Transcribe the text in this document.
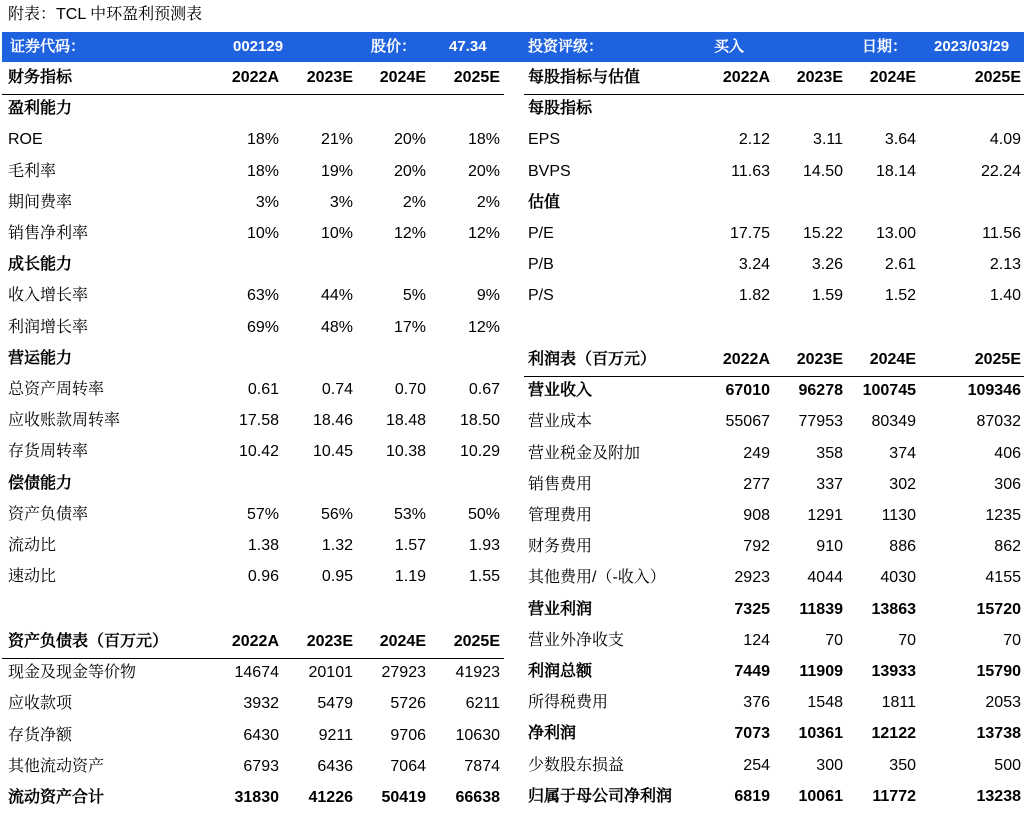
附表：TCL 中环盈利预测表
证券代码：	002129	股价： 47.34	投资评级：	买入	日期： 2023/03/29
财务指标	2022A 2023E 2024E 2025E
盈利能力
ROE	18%	21%	20%	18%
毛利率	18%	19%	20%	20%
期间费率	3%	3%	2%	2%
销售净利率	10%	10%	12%	12%
成长能力
收入增长率	63%	44%	5%	9%
利润增长率	69%	48%	17%	12%
营运能力
总资产周转率	0.61	0.74	0.70	0.67
应收账款周转率	17.58 18.46 18.48 18.50
存货周转率	10.42 10.45 10.38 10.29
偿债能力
资产负债率	57%	56%	53%	50%
流动比	1.38	1.32	1.57	1.93
速动比	0.96	0.95	1.19	1.55
资产负债表（百万元）	2022A 2023E 2024E 2025E
现金及现金等价物	14674 20101 27923 41923
应收款项	3932 5479 5726 6211
存货净额	6430 9211 9706 10630
其他流动资产	6793 6436 7064 7874
流动资产合计	31830 41226 50419 66638
每股指标与估值	2022A 2023E 2024E	2025E
每股指标
EPS	2.12	3.11	3.64	4.09
BVPS	11.63 14.50 18.14	22.24
估值
P/E	17.75 15.22 13.00	11.56
P/B	3.24	3.26	2.61	2.13
P/S	1.82	1.59	1.52	1.40
利润表（百万元）	2022A 2023E 2024E	2025E
营业收入	67010 96278 100745	109346
营业成本	55067 77953 80349	87032
营业税金及附加	249	358	374	406
销售费用	277	337	302	306
管理费用	908 1291 1130	1235
财务费用	792	910	886	862
其他费用/（-收入）	2923 4044 4030	4155
营业利润	7325 11839 13863	15720
营业外净收支	124	70	70	70
利润总额	7449 11909 13933	15790
所得税费用	376 1548 1811	2053
净利润	7073 10361 12122	13738
少数股东损益	254	300	350	500
归属于母公司净利润	6819 10061 11772	13238
